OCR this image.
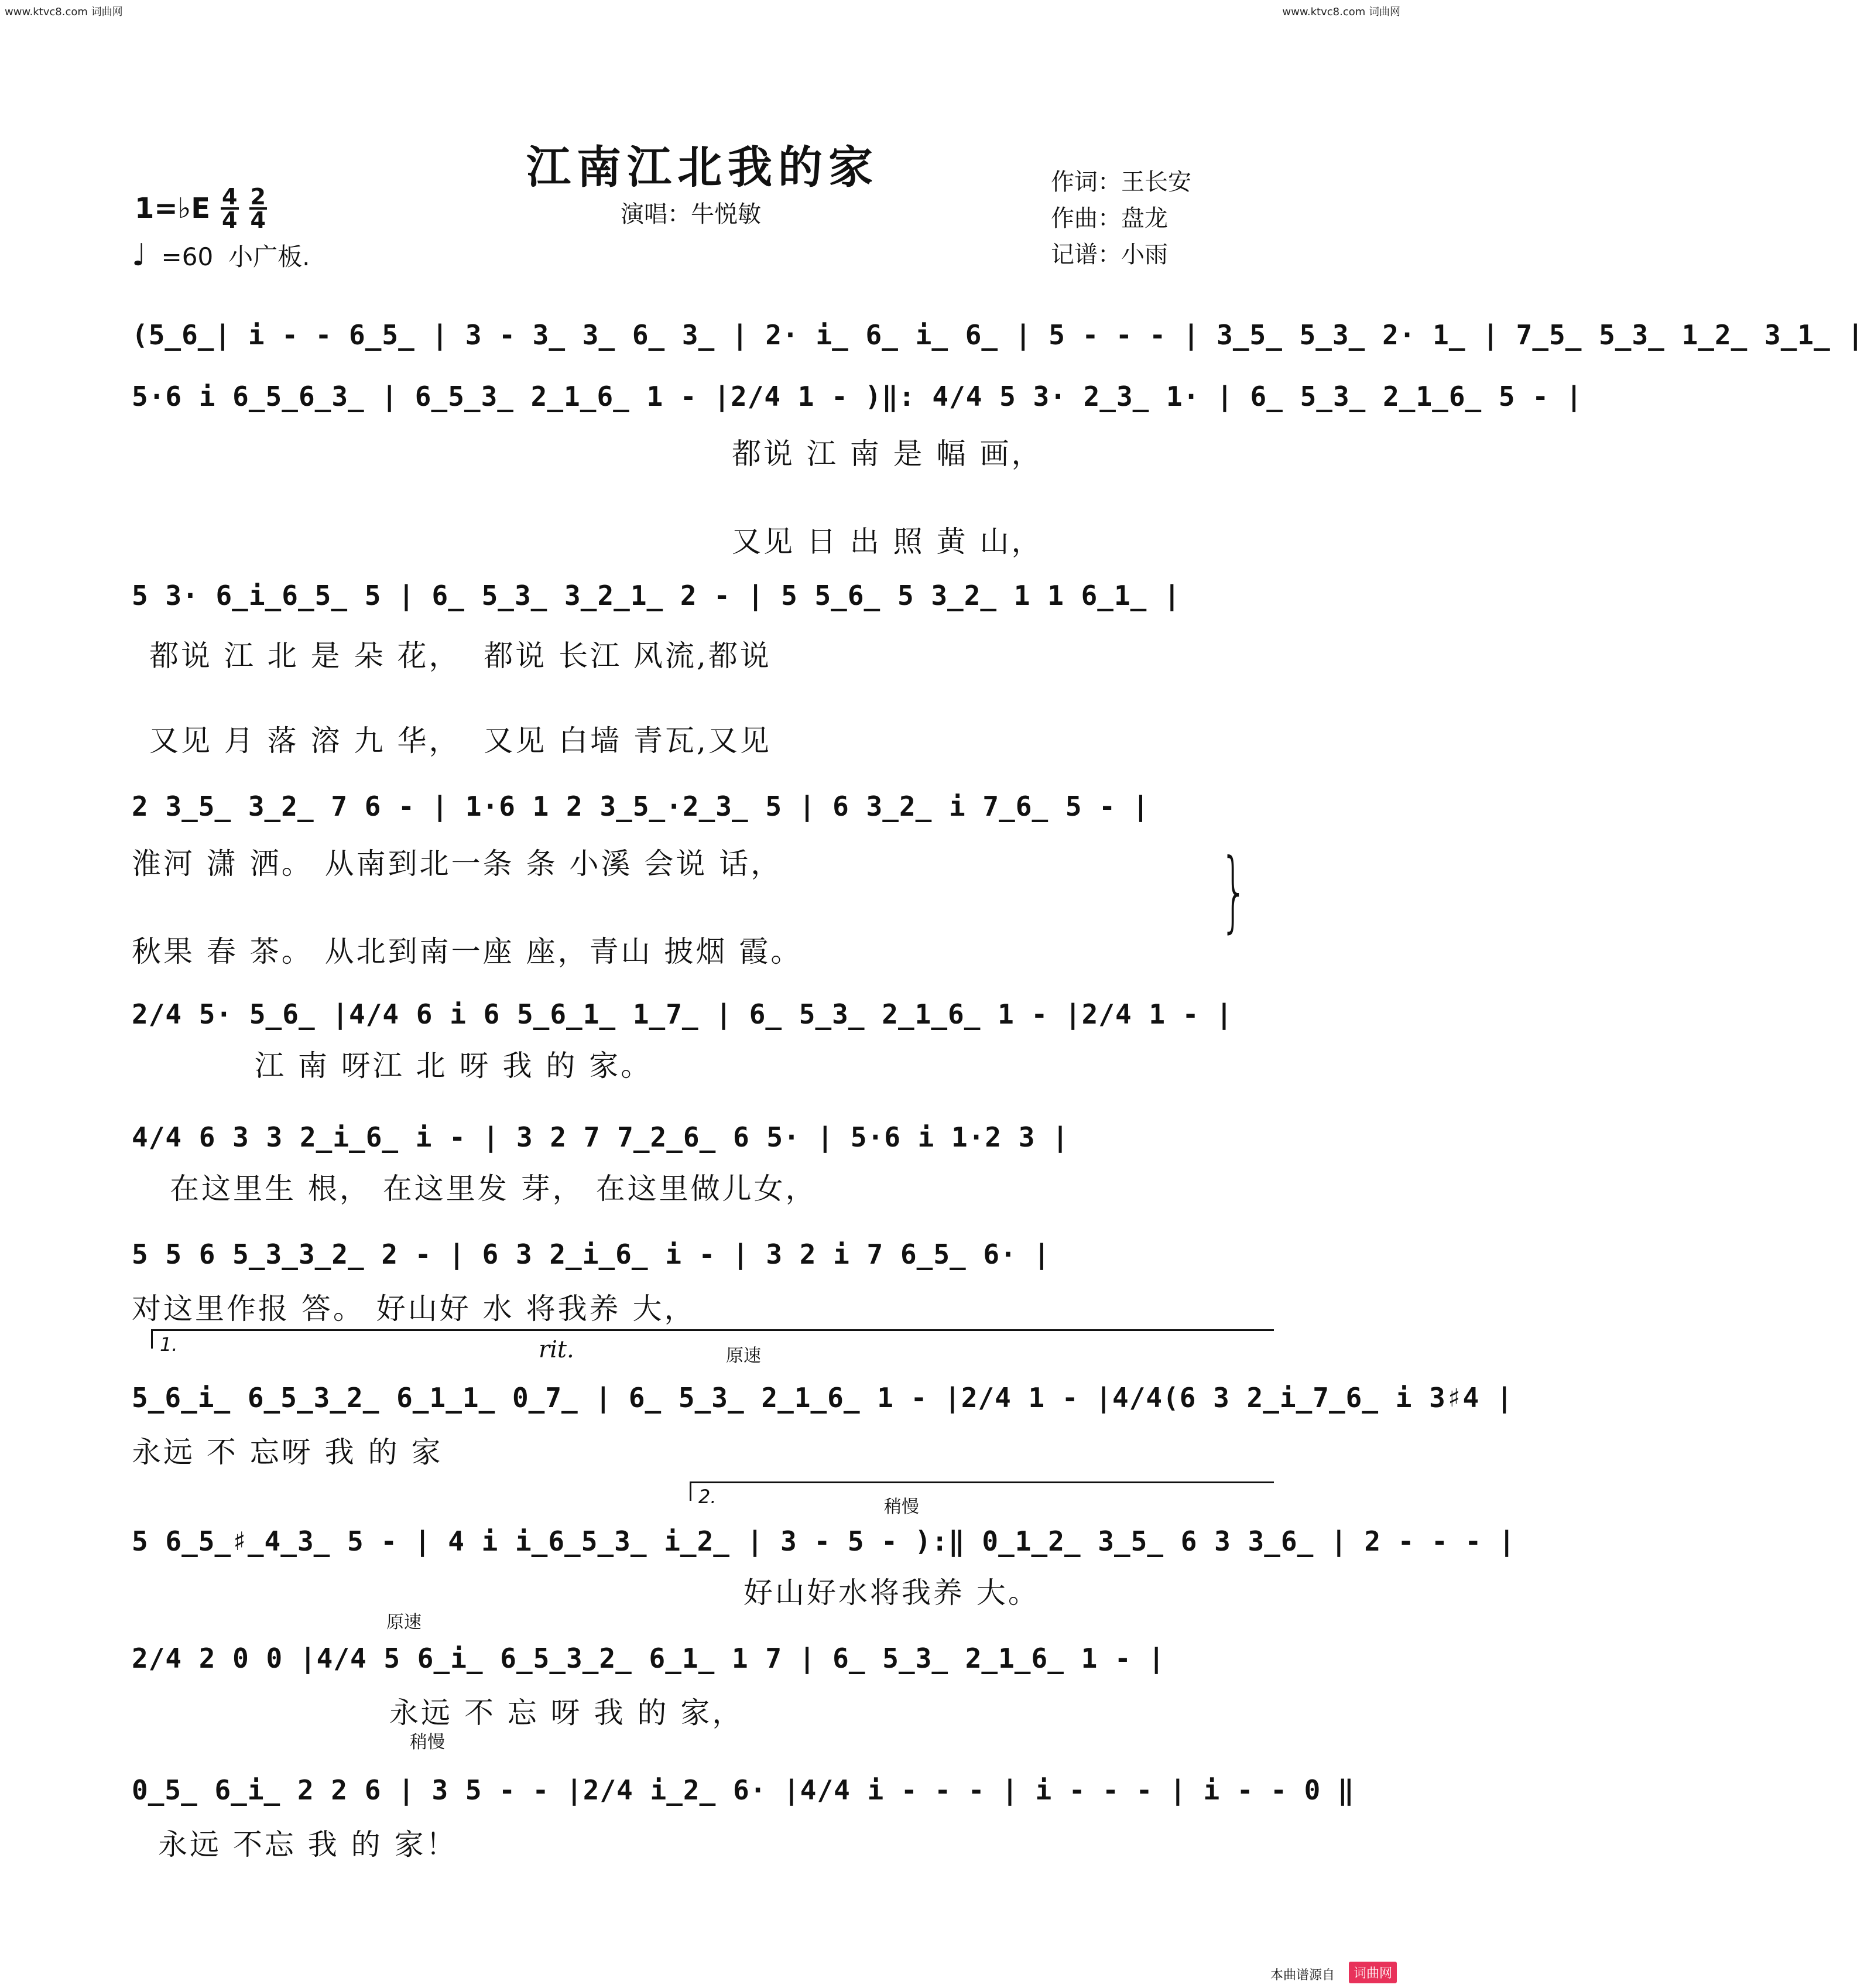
www.ktvc8.com 词曲网	www.ktvc8.com 词曲网
江南江北我的家	作词：王长安
作曲：盘龙
记谱：小雨
演唱：牛悦敏
1=♭E $\frac{4}{4} \frac{2}{4}$
♩ =60 小广板.
(5̲6̲| i - - 6̲5̲ | 3 - 3̲ 3̲ 6̲ 3̲ | 2· i̲ 6̲ i̲ 6̲ | 5 - - - | 3̲5̲ 5̲3̲ 2· 1̲ | 7̲5̲ 5̲3̲ 1̲2̲ 3̲1̲ |
5·6 i 6̲5̲6̲3̲ | 6̲5̲3̲ 2̲1̲6̲ 1 - |2/4 1 - )‖: 4/4 5 3· 2̲3̲ 1· | 6̲ 5̲3̲ 2̲1̲6̲ 5 - |
都说 江 南 是 幅 画，
又见 日 出 照 黄 山，
5 3· 6̲i̲6̲5̲ 5 | 6̲ 5̲3̲ 3̲2̲1̲ 2 - | 5 5̲6̲ 5 3̲2̲ 1 1 6̲1̲ |
都说 江 北 是 朵 花，  都说 长江 风流,都说
又见 月 落 溶 九 华，  又见 白墙 青瓦,又见
2 3̲5̲ 3̲2̲ 7 6 - | 1·6 1 2 3̲5̲·2̲3̲ 5 | 6 3̲2̲ i 7̲6̲ 5 - |
淮河 潇 洒。 从南到北一条 条 小溪 会说 话，
秋果 春 茶。 从北到南一座 座，青山 披烟 霞。
}
2/4 5· 5̲6̲ |4/4 6 i 6 5̲6̲1̲ 1̲7̲ | 6̲ 5̲3̲ 2̲1̲6̲ 1 - |2/4 1 - |
江 南 呀江 北 呀 我 的 家。
4/4 6 3 3 2̲i̲6̲ i - | 3 2 7 7̲2̲6̲ 6 5· | 5·6 i 1·2 3 |
在这里生 根， 在这里发 芽， 在这里做儿女，
5 5 6 5̲3̲3̲2̲ 2 - | 6 3 2̲i̲6̲ i - | 3 2 i 7 6̲5̲ 6· |
对这里作报 答。 好山好 水 将我养 大，
1.	rit.	原速
5̲6̲i̲ 6̲5̲3̲2̲ 6̲1̲1̲ 0̲7̲ | 6̲ 5̲3̲ 2̲1̲6̲ 1 - |2/4 1 - |4/4(6 3 2̲i̲7̲6̲ i 3♯4 |
永远 不 忘呀 我 的 家
2.	稍慢
5 6̲5̲♯̲4̲3̲ 5 - | 4 i i̲6̲5̲3̲ i̲2̲ | 3 - 5 - ):‖ 0̲1̲2̲ 3̲5̲ 6 3 3̲6̲ | 2 - - - |
好山好水将我养 大。
原速
2/4 2 0 0 |4/4 5 6̲i̲ 6̲5̲3̲2̲ 6̲1̲ 1 7 | 6̲ 5̲3̲ 2̲1̲6̲ 1 - |
永远 不 忘 呀 我 的 家，
稍慢
0̲5̲ 6̲i̲ 2 2 6 | 3 5 - - |2/4 i̲2̲ 6· |4/4 i - - - | i - - - | i - - 0 ‖
永远 不忘 我 的 家！
本曲谱源自	词曲网
